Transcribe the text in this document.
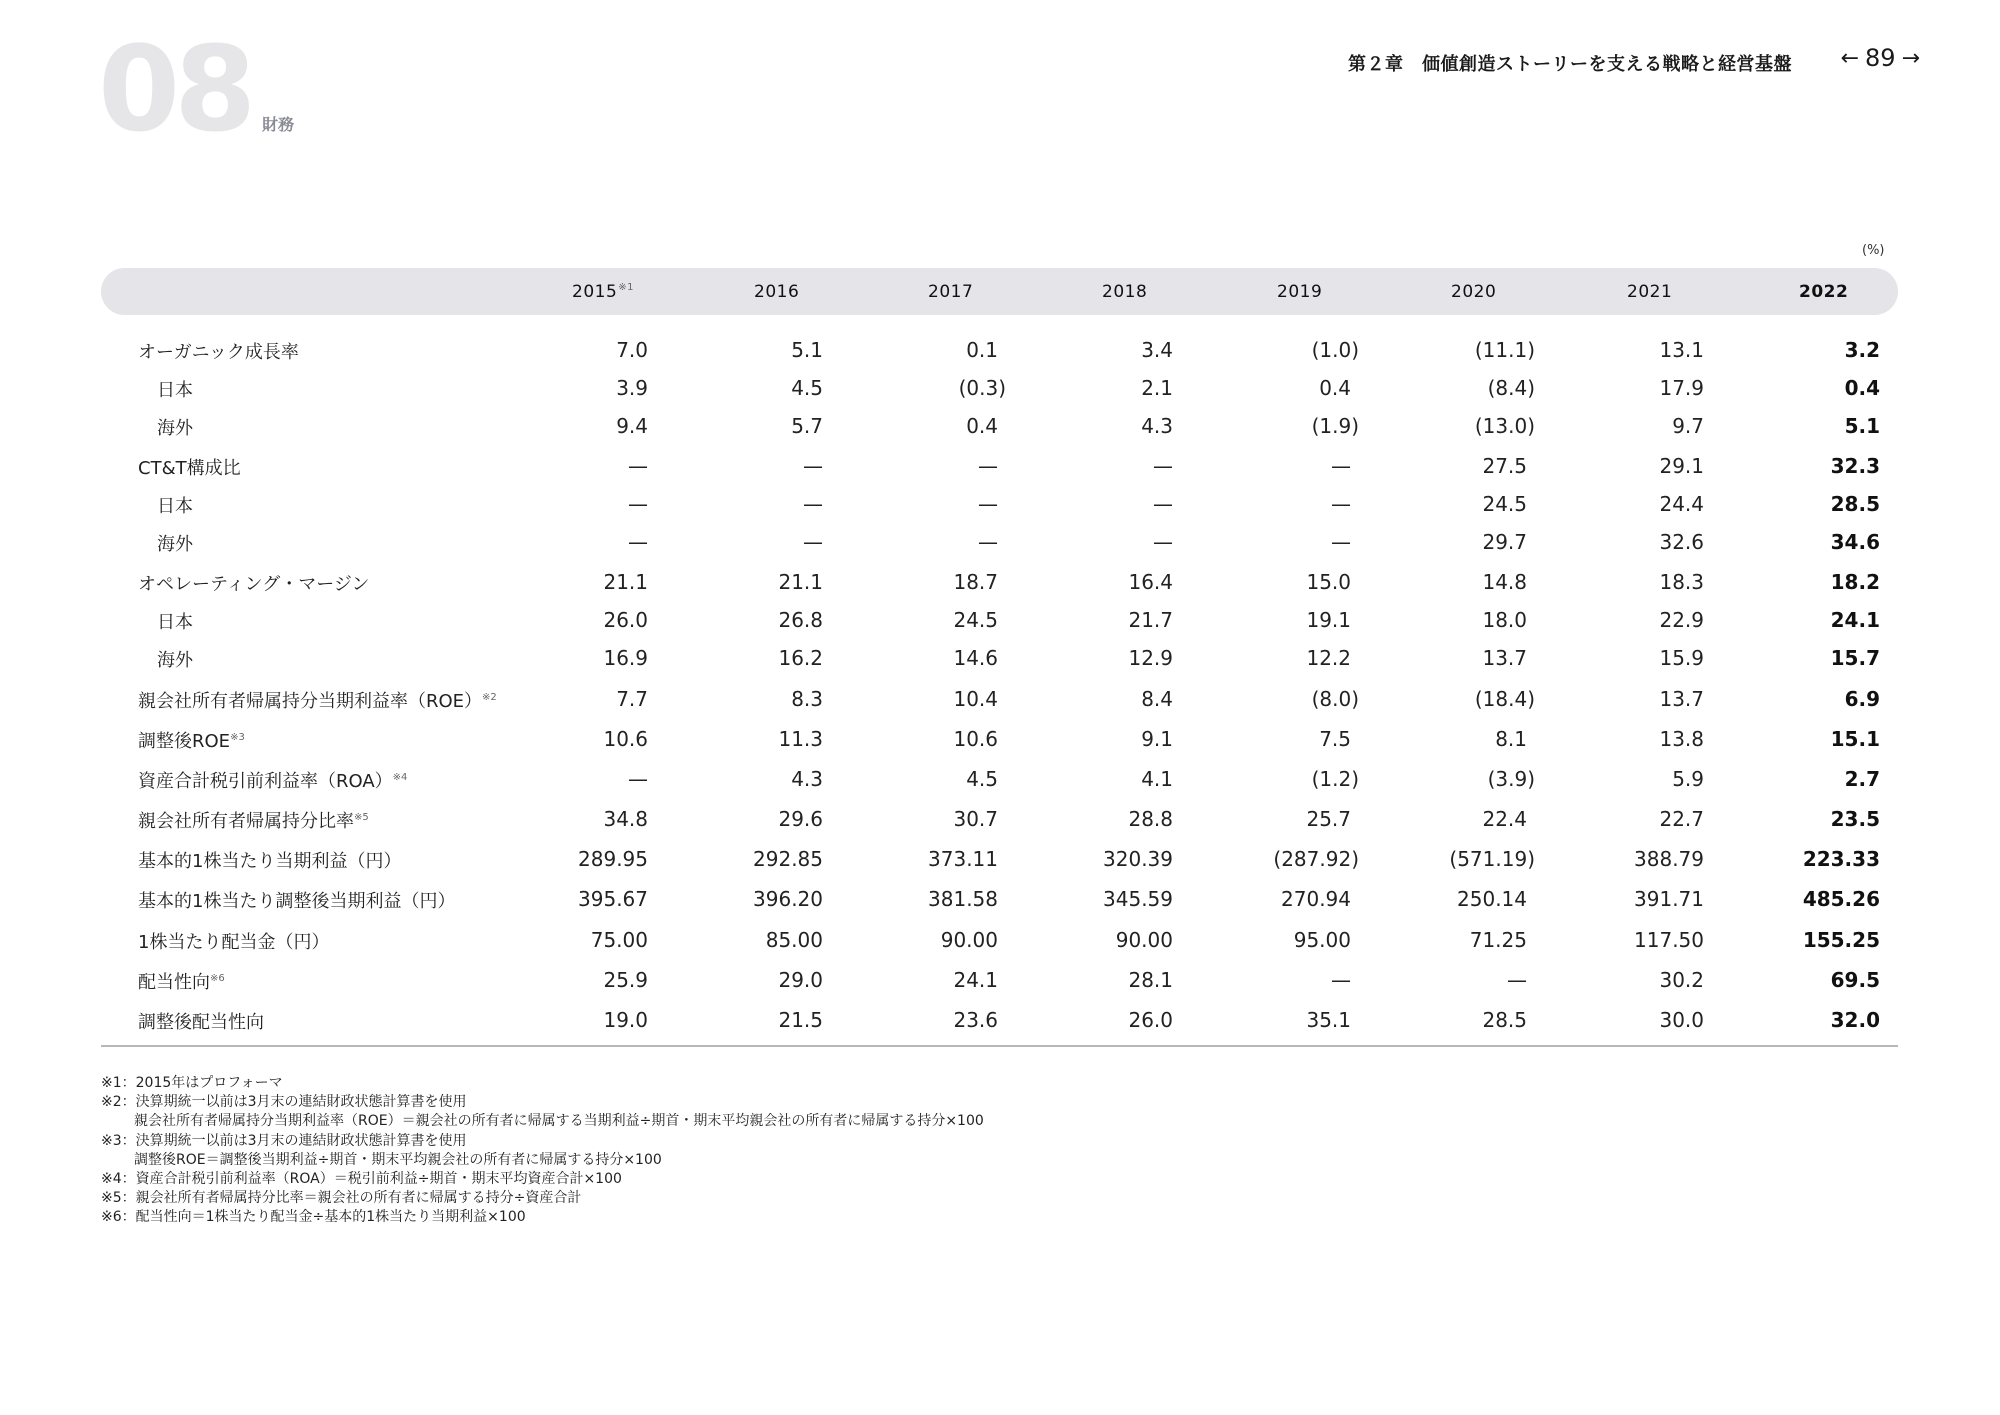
08 財務
第２章　価値創造ストーリーを支える戦略と経営基盤 ← 89 →
(%)
2015$^{※1}$	2016	2017	2018	2019	2020	2021	2022
オーガニック成長率	7.0	5.1	0.1	3.4	(1.0)	(11.1)	13.1	3.2
日本	3.9	4.5	(0.3)	2.1	0.4	(8.4)	17.9	0.4
海外	9.4	5.7	0.4	4.3	(1.9)	(13.0)	9.7	5.1
CT&T構成比	—	—	—	—	—	27.5	29.1	32.3
日本	—	—	—	—	—	24.5	24.4	28.5
海外	—	—	—	—	—	29.7	32.6	34.6
オペレーティング・マージン	21.1	21.1	18.7	16.4	15.0	14.8	18.3	18.2
日本	26.0	26.8	24.5	21.7	19.1	18.0	22.9	24.1
海外	16.9	16.2	14.6	12.9	12.2	13.7	15.9	15.7
親会社所有者帰属持分当期利益率（ROE）$^{※2}$	7.7	8.3	10.4	8.4	(8.0)	(18.4)	13.7	6.9
調整後ROE$^{※3}$	10.6	11.3	10.6	9.1	7.5	8.1	13.8	15.1
資産合計税引前利益率（ROA）$^{※4}$	—	4.3	4.5	4.1	(1.2)	(3.9)	5.9	2.7
親会社所有者帰属持分比率$^{※5}$	34.8	29.6	30.7	28.8	25.7	22.4	22.7	23.5
基本的1株当たり当期利益（円）	289.95	292.85	373.11	320.39	(287.92)	(571.19)	388.79	223.33
基本的1株当たり調整後当期利益（円）	395.67	396.20	381.58	345.59	270.94	250.14	391.71	485.26
1株当たり配当金（円）	75.00	85.00	90.00	90.00	95.00	71.25	117.50	155.25
配当性向$^{※6}$	25.9	29.0	24.1	28.1	—	—	30.2	69.5
調整後配当性向	19.0	21.5	23.6	26.0	35.1	28.5	30.0	32.0
※1：2015年はプロフォーマ
※2：決算期統一以前は3月末の連結財政状態計算書を使用
親会社所有者帰属持分当期利益率（ROE）＝親会社の所有者に帰属する当期利益÷期首・期末平均親会社の所有者に帰属する持分×100
※3：決算期統一以前は3月末の連結財政状態計算書を使用
調整後ROE＝調整後当期利益÷期首・期末平均親会社の所有者に帰属する持分×100
※4：資産合計税引前利益率（ROA）＝税引前利益÷期首・期末平均資産合計×100
※5：親会社所有者帰属持分比率＝親会社の所有者に帰属する持分÷資産合計
※6：配当性向＝1株当たり配当金÷基本的1株当たり当期利益×100
